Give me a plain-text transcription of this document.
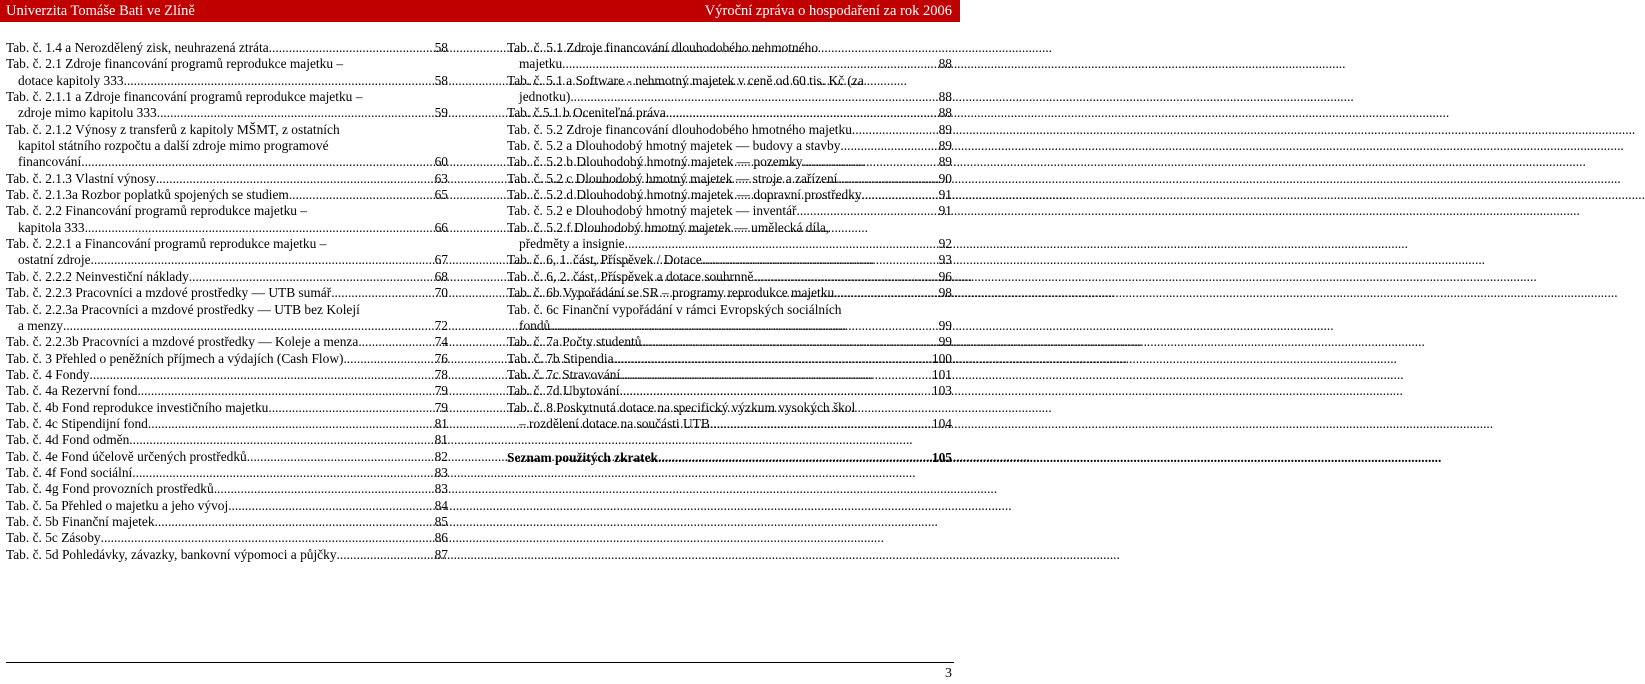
Univerzita Tomáše Bati ve Zlíně	Výroční zpráva o hospodaření za rok 2006
Tab. č. 1.4 a Nerozdělený zisk, neuhrazená ztráta .....	58
Tab. č. 2.1 Zdroje financování programů reprodukce majetku –
dotace kapitoly 333 .....	58
Tab. č. 2.1.1 a Zdroje financování programů reprodukce majetku –
zdroje mimo kapitolu 333 .....	59
Tab. č. 2.1.2 Výnosy z transferů z kapitoly MŠMT, z ostatních
kapitol státního rozpočtu a další zdroje mimo programové
financování .....	60
Tab. č. 2.1.3 Vlastní výnosy .....	63
Tab. č. 2.1.3a Rozbor poplatků spojených se studiem .....	65
Tab. č. 2.2 Financování programů reprodukce majetku –
kapitola 333 .....	66
Tab. č. 2.2.1 a Financování programů reprodukce majetku –
ostatní zdroje .....	67
Tab. č. 2.2.2 Neinvestiční náklady .....	68
Tab. č. 2.2.3 Pracovníci a mzdové prostředky — UTB sumář .....	70
Tab. č. 2.2.3a Pracovníci a mzdové prostředky — UTB bez Kolejí
a menzy .....	72
Tab. č. 2.2.3b Pracovníci a mzdové prostředky — Koleje a menza .....	74
Tab. č. 3 Přehled o peněžních příjmech a výdajích (Cash Flow) .....	76
Tab. č. 4 Fondy .....	78
Tab. č. 4a Rezervní fond .....	79
Tab. č. 4b Fond reprodukce investičního majetku .....	79
Tab. č. 4c Stipendijní fond .....	81
Tab. č. 4d Fond odměn .....	81
Tab. č. 4e Fond účelově určených prostředků .....	82
Tab. č. 4f Fond sociální .....	83
Tab. č. 4g Fond provozních prostředků .....	83
Tab. č. 5a Přehled o majetku a jeho vývoj .....	84
Tab. č. 5b Finanční majetek .....	85
Tab. č. 5c Zásoby .....	86
Tab. č. 5d Pohledávky, závazky, bankovní výpomoci a půjčky .....	87
Tab. č. 5.1 Zdroje financování dlouhodobého nehmotného
majetku .....	88
Tab. č. 5.1 a Software - nehmotný majetek v ceně od 60 tis. Kč (za
jednotku) .....	88
Tab. č.5.1 b Oceniteľná práva .....	88
Tab. č. 5.2 Zdroje financování dlouhodobého hmotného majetku .....	89
Tab. č. 5.2 a Dlouhodobý hmotný majetek — budovy a stavby .....	89
Tab. č. 5.2 b Dlouhodobý hmotný majetek — pozemky .....	89
Tab. č. 5.2 c Dlouhodobý hmotný majetek — stroje a zařízení .....	90
Tab. č. 5.2 d Dlouhodobý hmotný majetek — dopravní prostředky .....	91
Tab. č. 5.2 e Dlouhodobý hmotný majetek — inventář .....	91
Tab. č. 5.2 f Dlouhodobý hmotný majetek — umělecká díla,
předměty a insignie .....	92
Tab. č. 6, 1. část, Příspěvek / Dotace .....	93
Tab. č. 6, 2. část, Příspěvek a dotace souhrnně .....	96
Tab. č. 6b Vypořádání se SR – programy reprodukce majetku .....	98
Tab. č. 6c Finanční vypořádání v rámci Evropských sociálních
fondů .....	99
Tab. č. 7a Počty studentů .....	99
Tab. č. 7b Stipendia .....	100
Tab. č. 7c Stravování .....	101
Tab. č. 7d Ubytování .....	103
Tab. č. 8 Poskytnutá dotace na specifický výzkum vysokých škol
– rozdělení dotace na součásti UTB .....	104
Seznam použitých zkratek .....	105
3
